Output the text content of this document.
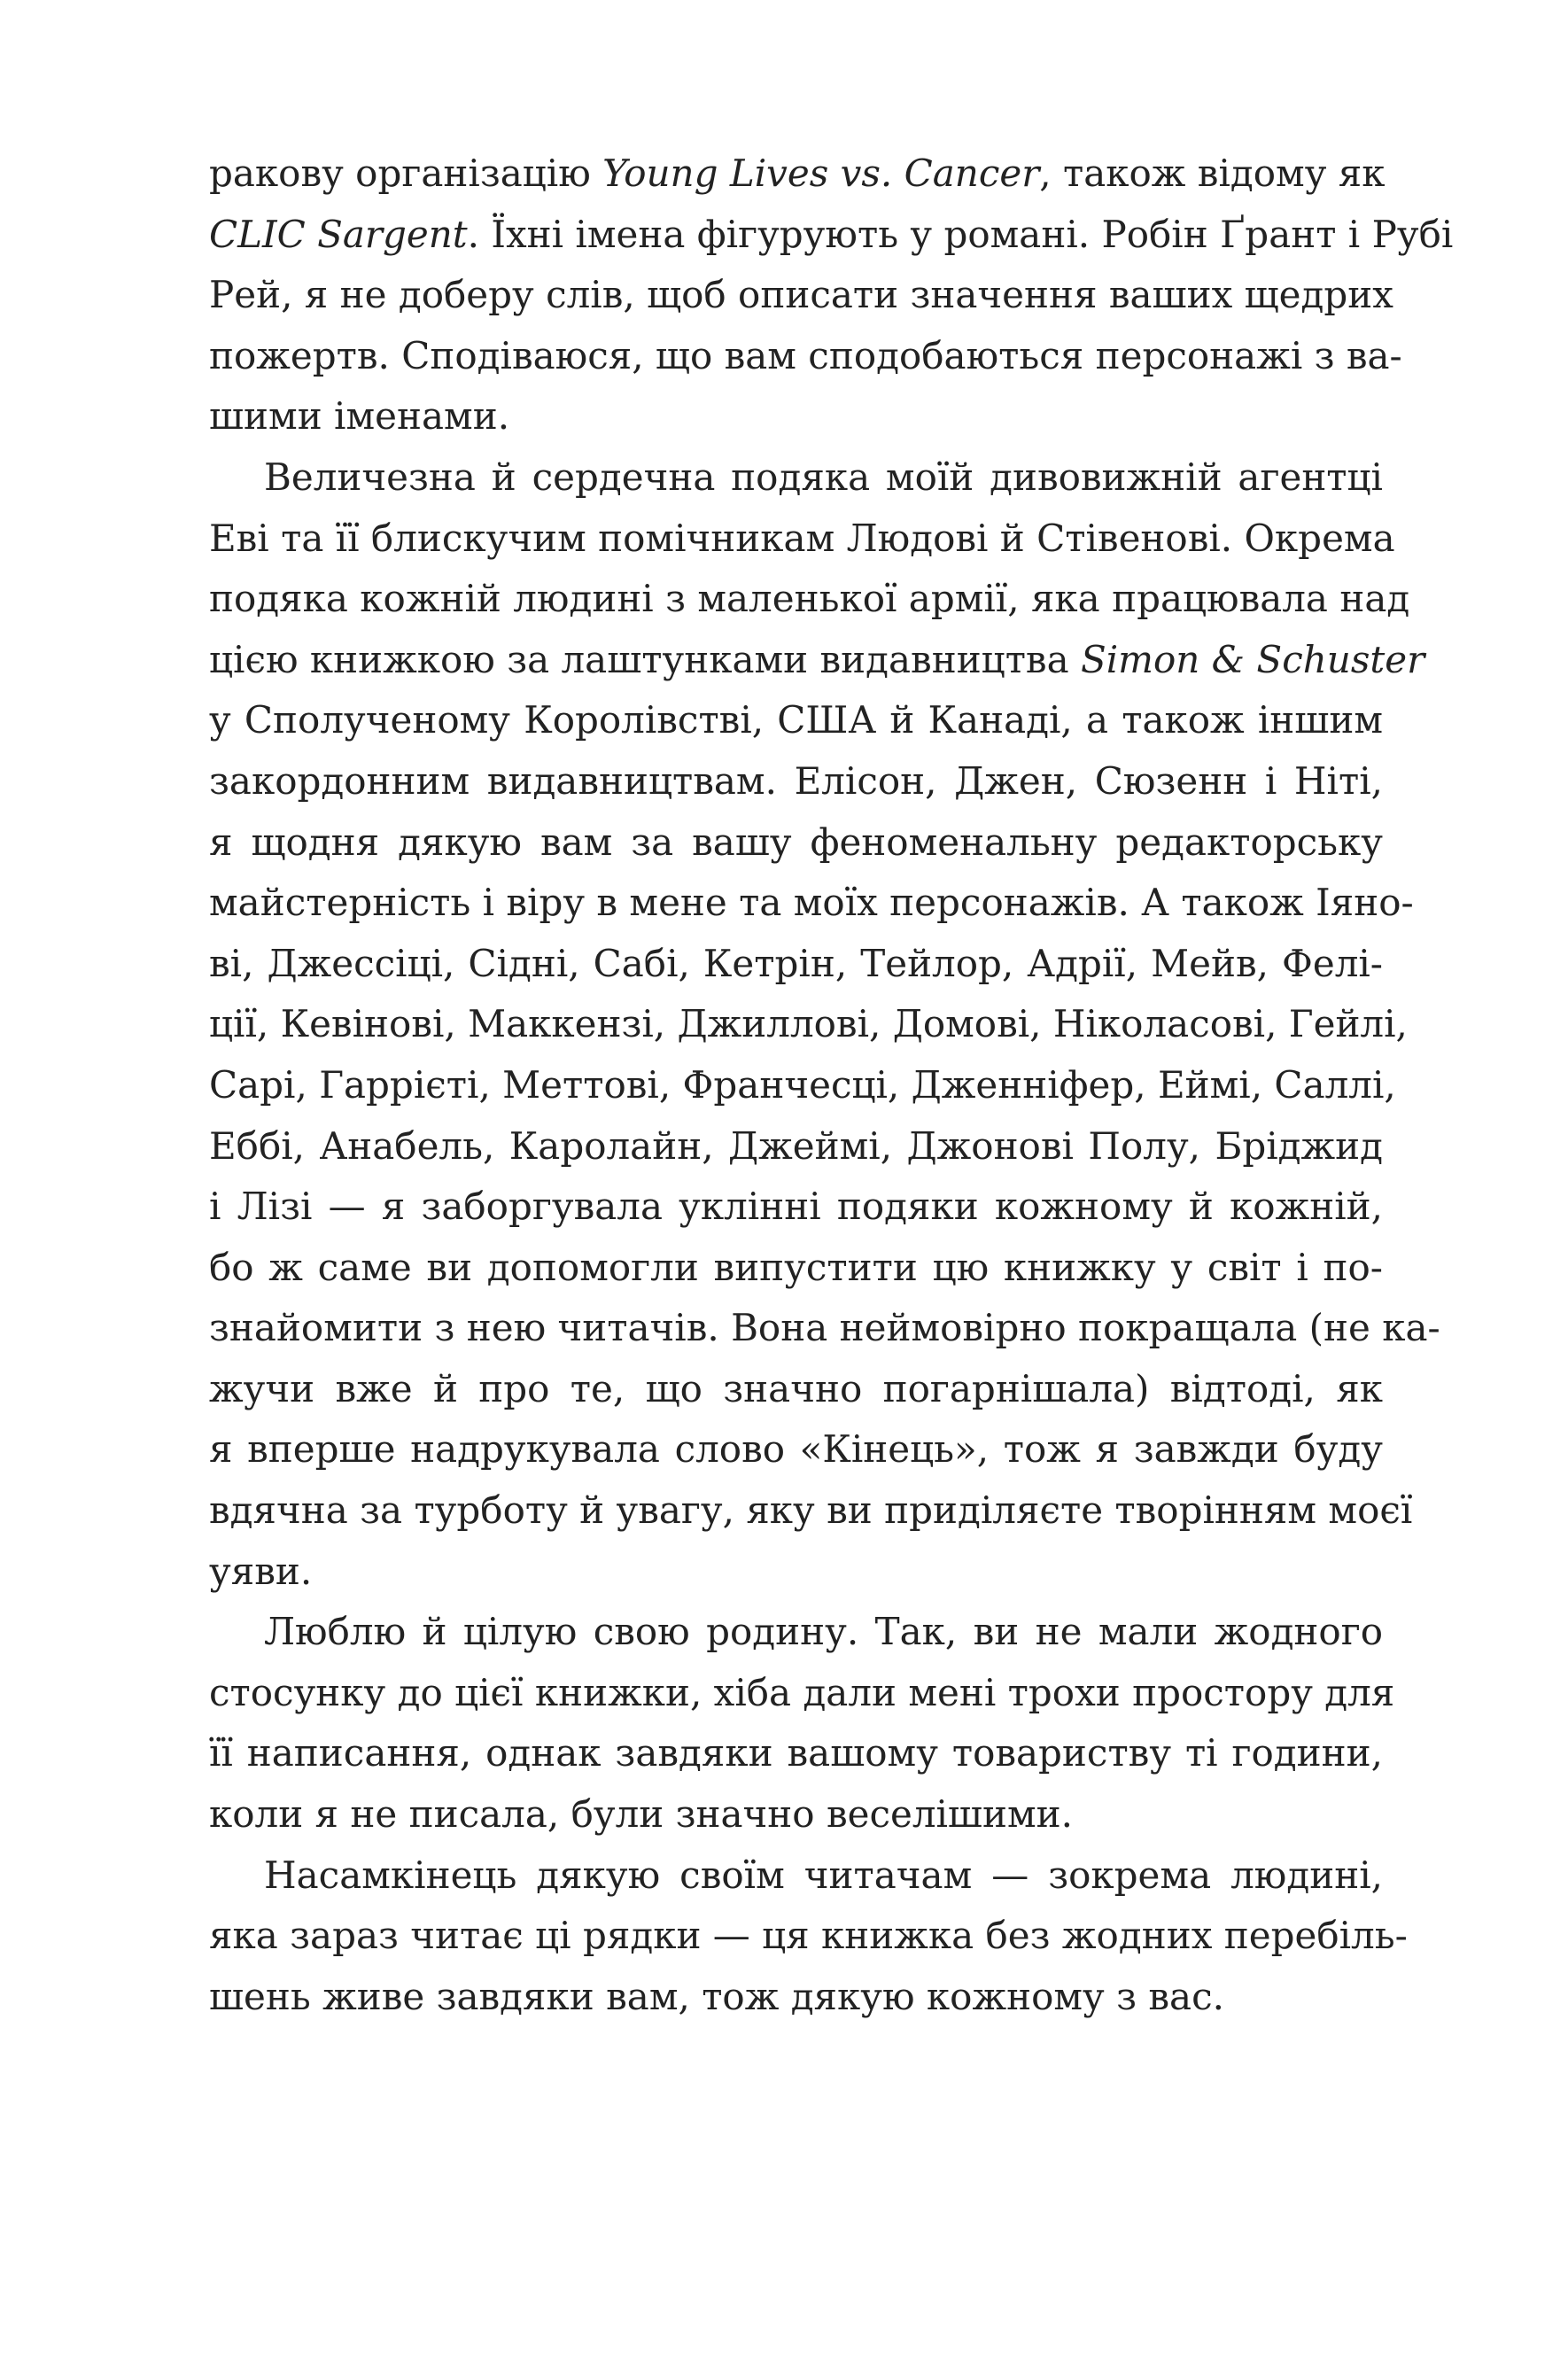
ракову організацію Young Lives vs. Cancer, також відому як
CLIC Sargent. Їхні імена фігурують у романі. Робін Ґрант і Рубі
Рей, я не доберу слів, щоб описати значення ваших щедрих
пожертв. Сподіваюся, що вам сподобаються персонажі з ва-
шими іменами.
Величезна й сердечна подяка моїй дивовижній агентці
Еві та її блискучим помічникам Людові й Стівенові. Окрема
подяка кожній людині з маленької армії, яка працювала над
цією книжкою за лаштунками видавництва Simon & Schuster
у Сполученому Королівстві, США й Канаді, а також іншим
закордонним видавництвам. Елісон, Джен, Сюзенн і Ніті,
я щодня дякую вам за вашу феноменальну редакторську
майстерність і віру в мене та моїх персонажів. А також Іяно-
ві, Джессіці, Сідні, Сабі, Кетрін, Тейлор, Адрії, Мейв, Фелі-
ції, Кевінові, Маккензі, Джиллові, Домові, Ніколасові, Гейлі,
Сарі, Гаррієті, Меттові, Франчесці, Дженніфер, Еймі, Саллі,
Еббі, Анабель, Каролайн, Джеймі, Джонові Полу, Бріджид
і Лізі — я заборгувала уклінні подяки кожному й кожній,
бо ж саме ви допомогли випустити цю книжку у світ і по-
знайомити з нею читачів. Вона неймовірно покращала (не ка-
жучи вже й про те, що значно погарнішала) відтоді, як
я вперше надрукувала слово «Кінець», тож я завжди буду
вдячна за турботу й увагу, яку ви приділяєте творінням моєї
уяви.
Люблю й цілую свою родину. Так, ви не мали жодного
стосунку до цієї книжки, хіба дали мені трохи простору для
її написання, однак завдяки вашому товариству ті години,
коли я не писала, були значно веселішими.
Насамкінець дякую своїм читачам — зокрема людині,
яка зараз читає ці рядки — ця книжка без жодних перебіль-
шень живе завдяки вам, тож дякую кожному з вас.
